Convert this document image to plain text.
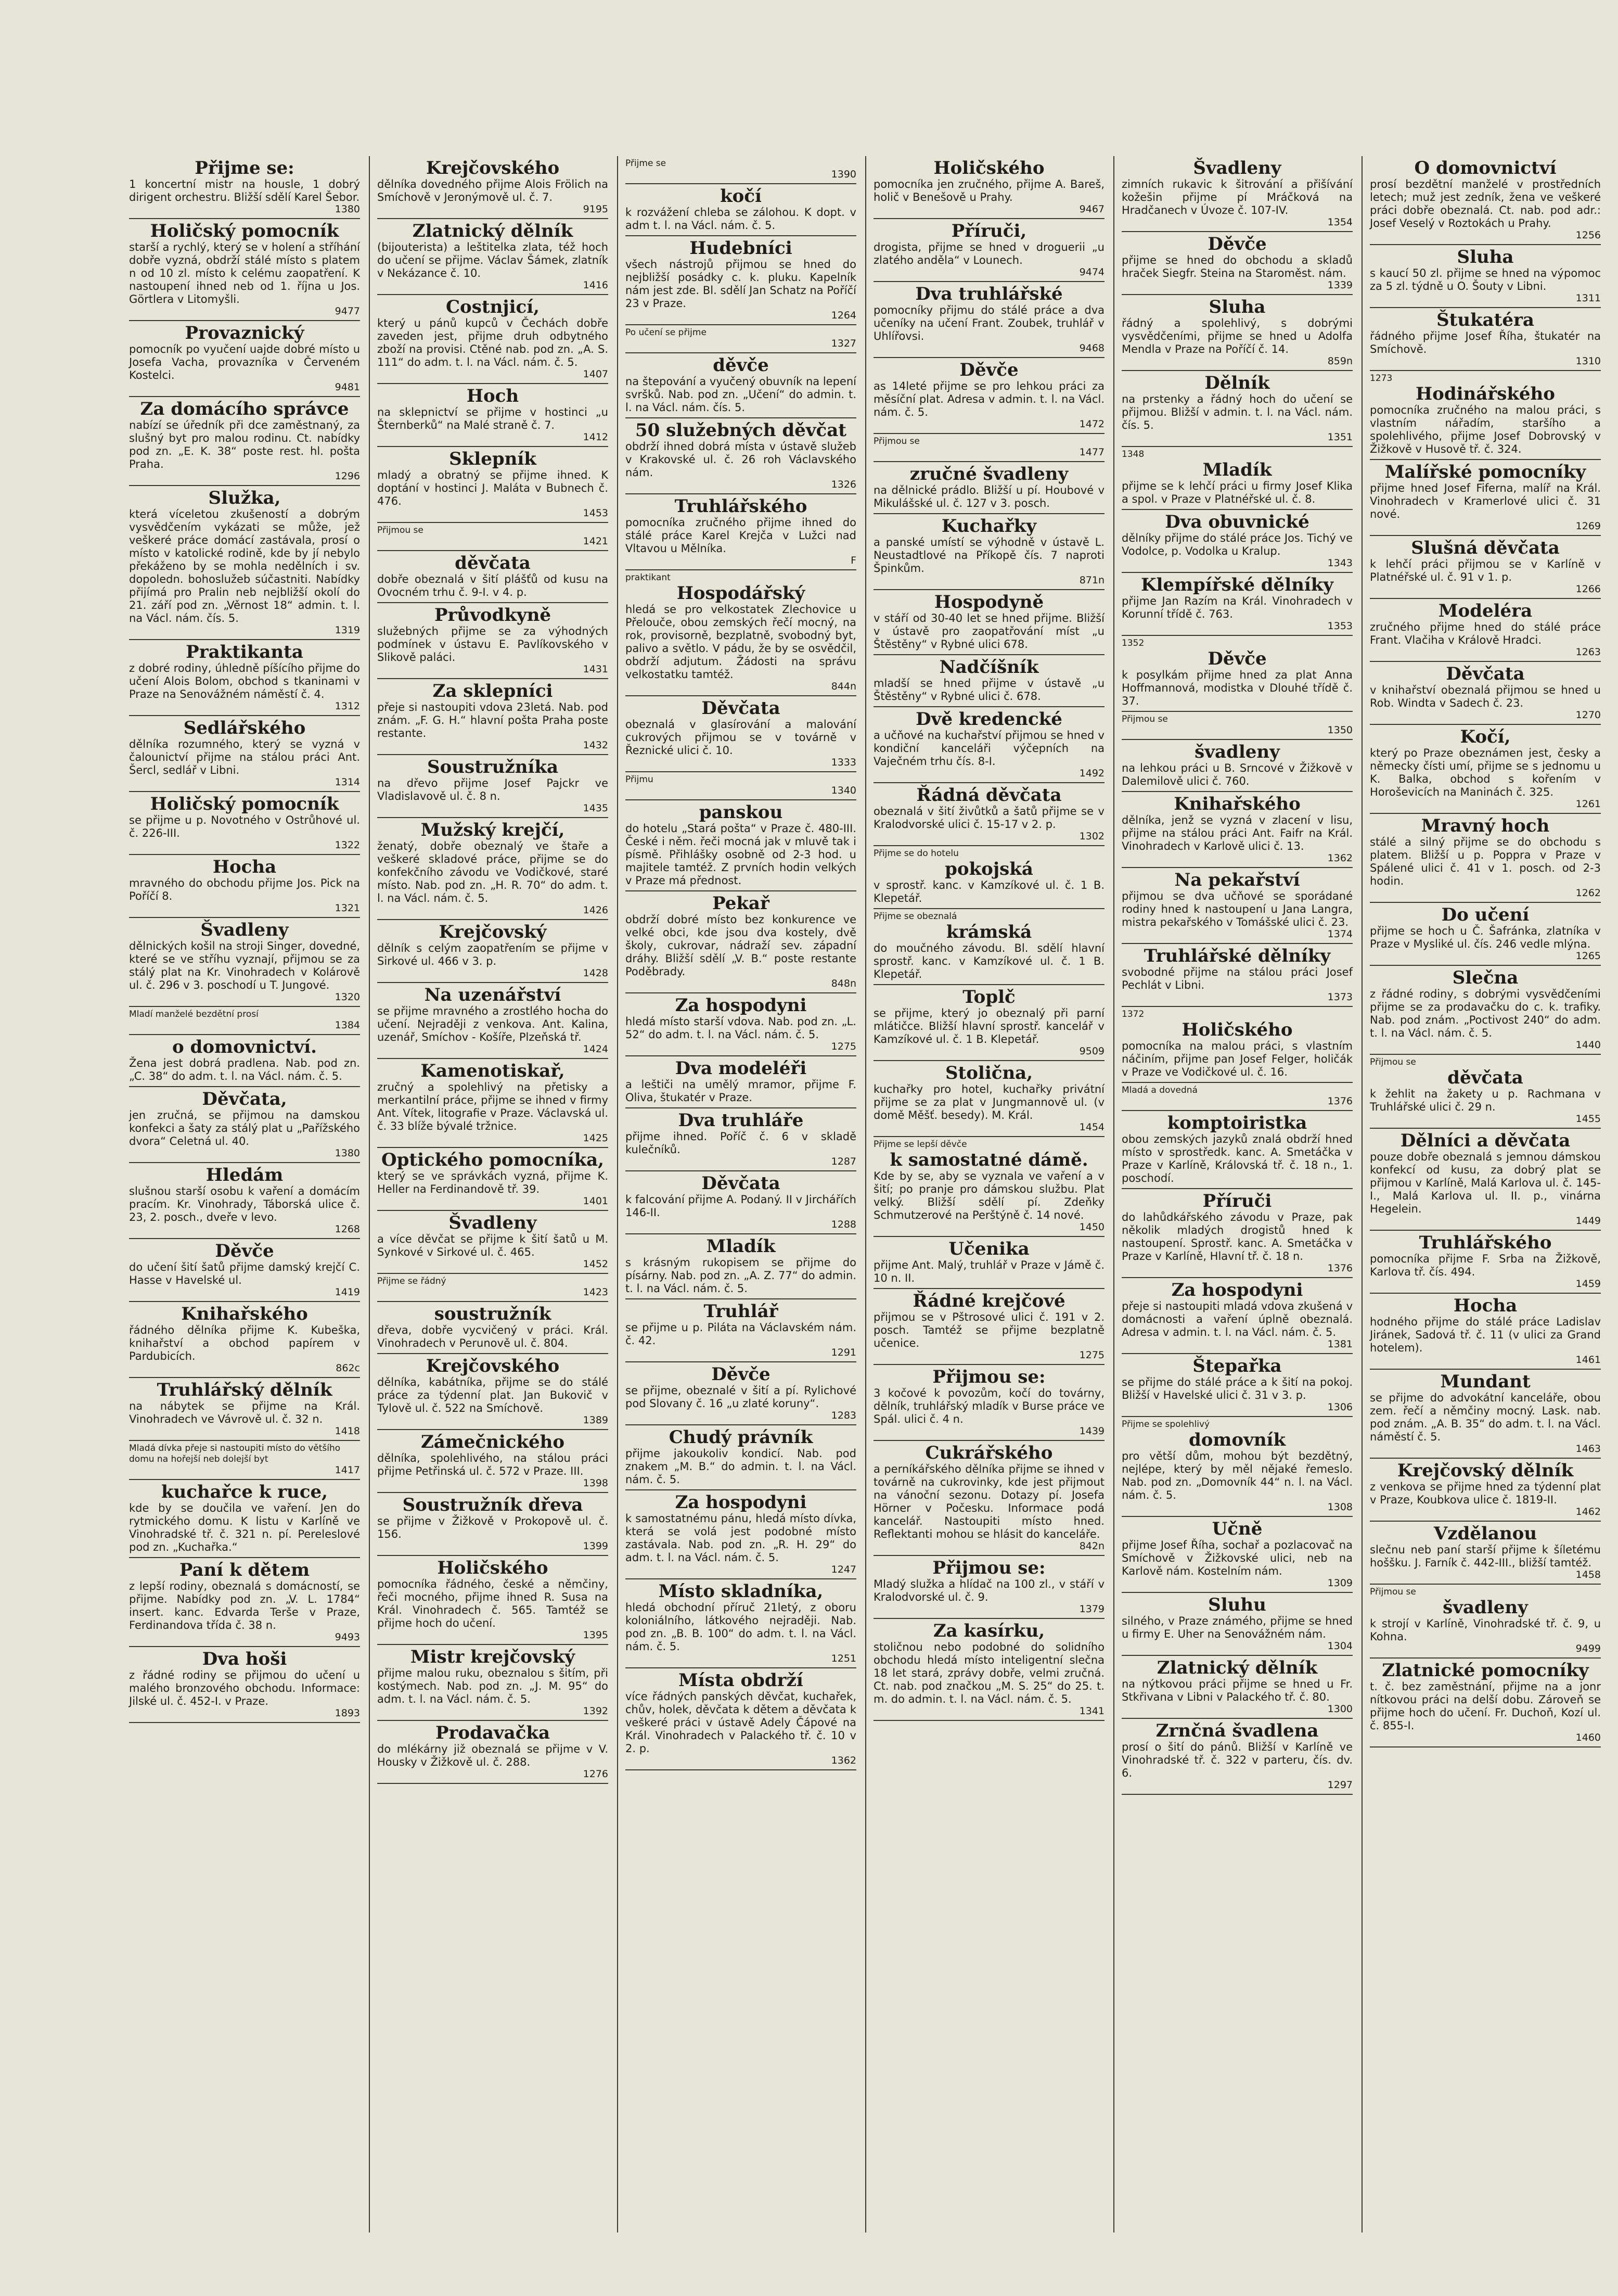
Přijme se:
1 koncertní mistr na housle, 1 dobrý dirigent orchestru. Bližší sdělí Karel Šebor.
1380
Holičský pomocník
starší a rychlý, který se v holení a stříhání dobře vyzná, obdrží stálé místo s platem n od 10 zl. místo k celému zaopatření. K nastoupení ihned neb od 1. října u Jos. Görtlera v Litomyšli.
9477
Provaznický
pomocník po vyučení uajde dobré místo u Josefa Vacha, provazníka v Červeném Kostelci.
9481
Za domácího správce
nabízí se úředník při dce zaměstnaný, za slušný byt pro malou rodinu. Ct. nabídky pod zn. „E. K. 38“ poste rest. hl. pošta Praha.
1296
Služka,
která víceletou zkušeností a dobrým vysvědčením vykázati se může, jež veškeré práce domácí zastávala, prosí o místo v katolické rodině, kde by jí nebylo překáženo by se mohla nedělních i sv. dopoledn. bohoslužeb súčastniti. Nabídky přijímá pro Pralin neb nejbližší okolí do 21. září pod zn. „Věrnost 18“ admin. t. l. na Václ. nám. čís. 5.
1319
Praktikanta
z dobré rodiny, úhledně píšícího přijme do učení Alois Bolom, obchod s tkaninami v Praze na Senovážném náměstí č. 4.
1312
Sedlářského
dělníka rozumného, který se vyzná v čalounictví přijme na stálou práci Ant. Šercl, sedlář v Libni.
1314
Holičský pomocník
se přijme u p. Novotného v Ostrůhové ul. č. 226-III.
1322
Hocha
mravného do obchodu přijme Jos. Pick na Poříčí 8.
1321
Švadleny
dělnických košil na stroji Singer, dovedné, které se ve stříhu vyznají, přijmou se za stálý plat na Kr. Vinohradech v Kolárově ul. č. 296 v 3. poschodí u T. Jungové.
1320
Mladí manželé bezdětní prosí
1384
o domovnictví.
Žena jest dobrá pradlena. Nab. pod zn. „C. 38“ do adm. t. l. na Václ. nám. č. 5.
Děvčata,
jen zručná, se přijmou na damskou konfekci a šaty za stálý plat u „Pařížského dvora“ Celetná ul. 40.
1380
Hledám
slušnou starší osobu k vaření a domácím pracím. Kr. Vinohrady, Táborská ulice č. 23, 2. posch., dveře v levo.
1268
Děvče
do učení šití šatů přijme damský krejčí C. Hasse v Havelské ul.
1419
Knihařského
řádného dělníka přijme K. Kubeška, knihařství a obchod papírem v Pardubicích.
862c
Truhlářský dělník
na nábytek se přijme na Král. Vinohradech ve Vávrově ul. č. 32 n.
1418
Mladá dívka přeje si nastoupiti místo do většího domu na hořejší neb dolejší byt
1417
kuchařce k ruce,
kde by se doučila ve vaření. Jen do rytmického domu. K listu v Karlíně ve Vinohradské tř. č. 321 n. pí. Pereleslové pod zn. „Kuchařka.“
Paní k dětem
z lepší rodiny, obeznalá s domácností, se přijme. Nabídky pod zn. „V. L. 1784“ insert. kanc. Edvarda Terše v Praze, Ferdinandova třída č. 38 n.
9493
Dva hoši
z řádné rodiny se přijmou do učení u malého bronzového obchodu. Informace: Jilské ul. č. 452-I. v Praze.
1893
Krejčovského
dělníka dovedného přijme Alois Frölich na Smíchově v Jeronýmově ul. č. 7.
9195
Zlatnický dělník
(bijouterista) a leštitelka zlata, též hoch do učení se přijme. Václav Šámek, zlatník v Nekázance č. 10.
1416
Costnjicí,
který u pánů kupců v Čechách dobře zaveden jest, přijme druh odbytného zboží na provisi. Ctěné nab. pod zn. „A. S. 111“ do adm. t. l. na Václ. nám. č. 5.
1407
Hoch
na sklepnictví se přijme v hostinci „u Šternberků“ na Malé straně č. 7.
1412
Sklepník
mladý a obratný se přijme ihned. K doptání v hostinci J. Malátа v Bubnech č. 476.
1453
Přijmou se
1421
děvčata
dobře obeznalá v šití plášťů od kusu na Ovocném trhu č. 9-I. v 4. p.
Průvodkyně
služebných přijme se za výhodných podmínek v ústavu E. Pavlíkovského v Slikově paláci.
1431
Za sklepníci
přeje si nastoupiti vdova 23letá. Nab. pod znám. „F. G. H.“ hlavní pošta Praha poste restante.
1432
Soustružníka
na dřevo přijme Josef Pajckr ve Vladislavově ul. č. 8 n.
1435
Mužský krejčí,
ženatý, dobře obeznalý ve štaře a veškeré skladové práce, přijme se do konfekčního závodu ve Vodičkové, staré místo. Nab. pod zn. „H. R. 70“ do adm. t. l. na Václ. nám. č. 5.
1426
Krejčovský
dělník s celým zaopatřením se přijme v Sirkové ul. 466 v 3. p.
1428
Na uzenářství
se přijme mravného a zrostlého hocha do učení. Nejraději z venkova. Ant. Kalina, uzenář, Smíchov - Košíře, Plzeňská tř.
1424
Kamenotiskař,
zručný a spolehlivý na přetisky a merkantilní práce, přijme se ihned v firmy Ant. Vítek, litografie v Praze. Václavská ul. č. 33 blíže bývalé tržnice.
1425
Optického pomocníka,
který se ve správkách vyzná, přijme K. Heller na Ferdinandově tř. 39.
1401
Švadleny
a více děvčat se přijme k šití šatů u M. Synkové v Sirkové ul. č. 465.
1452
Přijme se řádný
1423
soustružník
dřeva, dobře vycvičený v práci. Král. Vinohradech v Perunově ul. č. 804.
Krejčovského
dělníka, kabátníka, přijme se do stálé práce za týdenní plat. Jan Bukovič v Tylově ul. č. 522 na Smíchově.
1389
Zámečnického
dělníka, spolehlivého, na stálou práci přijme Petřinská ul. č. 572 v Praze. III.
1398
Soustružník dřeva
se přijme v Žižkově v Prokopově ul. č. 156.
1399
Holičského
pomocníka řádného, české a němčiny, řeči mocného, přijme ihned R. Susa na Král. Vinohradech č. 565. Tamtéž se přijme hoch do učení.
1395
Mistr krejčovský
přijme malou ruku, obeznalou s šitím, při kostýmech. Nab. pod zn. „J. M. 95“ do adm. t. l. na Václ. nám. č. 5.
1392
Prodavačka
do mlékárny již obeznalá se přijme v V. Housky v Žižkově ul. č. 288.
1276
Přijme se
1390
kočí
k rozvážení chleba se zálohou. K dopt. v adm t. l. na Václ. nám. č. 5.
Hudebníci
všech nástrojů přijmou se hned do nejbližší posádky c. k. pluku. Kapelník nám jest zde. Bl. sdělí Jan Schatz na Poříčí 23 v Praze.
1264
Po učení se přijme
1327
děvče
na štepování a vyučený obuvník na lepení svršků. Nab. pod zn. „Učení“ do admin. t. l. na Václ. nám. čís. 5.
50 služebných děvčat
obdrží ihned dobrá místa v ústavě služeb v Krakovské ul. č. 26 roh Václavského nám.
1326
Truhlářského
pomocníka zručného přijme ihned do stálé práce Karel Krejča v Lužci nad Vltavou u Mělníka.
F
praktikant
Hospodářský
hledá se pro velkostatek Zlechovice u Přelouče, obou zemských řečí mocný, na rok, provisorně, bezplatně, svobodný byt, palivo a světlo. V pádu, že by se osvědčil, obdrží adjutum. Žádosti na správu velkostatku tamtéž.
844n
Děvčata
obeznalá v glasírování a malování cukrových přijmou se v továrně v Řeznické ulici č. 10.
1333
Přijmu
1340
panskou
do hotelu „Stará pošta“ v Praze č. 480-III. České i něm. řeči mocná jak v mluvě tak i písmě. Přihlášky osobně od 2-3 hod. u majitele tamtéž. Z prvních hodin velkých v Praze má přednost.
Pekař
obdrží dobré místo bez konkurence ve velké obci, kde jsou dva kostely, dvě školy, cukrovar, nádraží sev. západní dráhy. Bližší sdělí „V. B.“ poste restante Poděbrady.
848n
Za hospodyni
hledá místo starší vdova. Nab. pod zn. „L. 52“ do adm. t. l. na Václ. nám. č. 5.
1275
Dva modeléři
a leštiči na umělý mramor, přijme F. Oliva, štukatér v Praze.
Dva truhláře
přijme ihned. Poříč č. 6 v skladě kulečníků.
1287
Děvčata
k falcování přijme A. Podaný. II v Jirchářích 146-II.
1288
Mladík
s krásným rukopisem se přijme do písárny. Nab. pod zn. „A. Z. 77“ do admin. t. l. na Václ. nám. č. 5.
Truhlář
se přijme u p. Piláta na Václavském nám. č. 42.
1291
Děvče
se přijme, obeznalé v šití a pí. Rylichové pod Slovany č. 16 „u zlaté koruny“.
1283
Chudý právník
přijme jakoukoliv kondicí. Nab. pod znakem „M. B.“ do admin. t. l. na Václ. nám. č. 5.
Za hospodyni
k samostatnému pánu, hledá místo dívka, která se volá jest podobné místo zastávala. Nab. pod zn. „R. H. 29“ do adm. t. l. na Václ. nám. č. 5.
1247
Místo skladníka,
hledá obchodní příruč 21letý, z oboru koloniálního, látkového nejraději. Nab. pod zn. „B. B. 100“ do adm. t. l. na Václ. nám. č. 5.
1251
Místa obdrží
více řádných panských děvčat, kuchařek, chův, holek, děvčata k dětem a děvčata k veškeré práci v ústavě Adely Čápové na Král. Vinohradech v Palackého tř. č. 10 v 2. p.
1362
Holičského
pomocníka jen zručného, přijme A. Bareš, holič v Benešově u Prahy.
9467
Příruči,
drogista, přijme se hned v droguerii „u zlatého anděla“ v Lounech.
9474
Dva truhlářské
pomocníky přijmu do stálé práce a dva učeníky na učení Frant. Zoubek, truhlář v Uhlířovsi.
9468
Děvče
as 14leté přijme se pro lehkou práci za měsíční plat. Adresa v admin. t. l. na Václ. nám. č. 5.
1472
Přijmou se
1477
zručné švadleny
na dělnické prádlo. Bližší u pí. Houbové v Mikulášské ul. č. 127 v 3. posch.
Kuchařky
a panské umístí se výhodně v ústavě L. Neustadtlové na Příkopě čís. 7 naproti Špinkům.
871n
Hospodyně
v stáří od 30-40 let se hned přijme. Bližší v ústavě pro zaopatřování míst „u Štěstěny“ v Rybné ulici 678.
Nadčíšník
mladší se hned přijme v ústavě „u Štěstěny“ v Rybné ulici č. 678.
Dvě kredencké
a učňové na kuchařství přijmou se hned v kondiční kanceláři výčepních na Vaječném trhu čís. 8-I.
1492
Řádná děvčata
obeznalá v šití živůtků a šatů přijme se v Kralodvorské ulici č. 15-17 v 2. p.
1302
Přijme se do hotelu
pokojská
v sprostř. kanc. v Kamzíkové ul. č. 1 B. Klepetář.
Přijme se obeznalá
krámská
do moučného závodu. Bl. sdělí hlavní sprostř. kanc. v Kamzíkové ul. č. 1 B. Klepetář.
Toplč
se přijme, který jo obeznalý při parní mlátičce. Bližší hlavní sprostř. kancelář v Kamzíkové ul. č. 1 B. Klepetář.
9509
Stolična,
kuchařky pro hotel, kuchařky privátní přijme se za plat v Jungmannově ul. (v domě Měšť. besedy). M. Král.
1454
Přijme se lepší děvče
k samostatné dámě.
Kde by se, aby se vyznala ve vaření a v šití; po pranje pro dámskou službu. Plat velký. Bližší sdělí pí. Zdeňky Schmutzerové na Perštýně č. 14 nové.
1450
Učenika
přijme Ant. Malý, truhlář v Praze v Jámě č. 10 n. II.
Řádné krejčové
přijmou se v Pštrosové ulici č. 191 v 2. posch. Tamtéž se přijme bezplatně učenice.
1275
Přijmou se:
3 kočové k povozům, kočí do továrny, dělník, truhlářský mladík v Burse práce ve Spál. ulici č. 4 n.
1439
Cukrářského
a perníkářského dělníka přijme se ihned v továrně na cukrovinky, kde jest přijmout na vánoční sezonu. Dotazy pí. Josefa Hörner v Počesku. Informace podá kancelář. Nastoupiti místo hned. Reflektanti mohou se hlásit do kanceláře.
842n
Přijmou se:
Mladý služka a hlídač na 100 zl., v stáří v Kralodvorské ul. č. 9.
1379
Za kasírku,
stoličnou nebo podobné do solidního obchodu hledá místo inteligentní slečna 18 let stará, zprávy dobře, velmi zručná. Ct. nab. pod značkou „M. S. 25“ do 25. t. m. do admin. t. l. na Václ. nám. č. 5.
1341
Švadleny
zimních rukavic k šitrování a přišívání kožešin přijme pí Mráčková na Hradčanech v Úvoze č. 107-IV.
1354
Děvče
přijme se hned do obchodu a skladů hraček Siegfr. Steina na Staroměst. nám.
1339
Sluha
řádný a spolehlivý, s dobrými vysvědčeními, přijme se hned u Adolfa Mendla v Praze na Poříčí č. 14.
859n
Dělník
na prstenky a řádný hoch do učení se přijmou. Bližší v admin. t. l. na Václ. nám. čís. 5.
1351
1348
Mladík
přijme se k lehčí práci u firmy Josef Klika a spol. v Praze v Platnéřské ul. č. 8.
Dva obuvnické
dělníky přijme do stálé práce Jos. Tichý ve Vodolce, p. Vodolka u Kralup.
1343
Klempířské dělníky
přijme Jan Razím na Král. Vinohradech v Korunní třídě č. 763.
1353
1352
Děvče
k posylkám přijme hned za plat Anna Hoffmannová, modistka v Dlouhé třídě č. 37.
Přijmou se
1350
švadleny
na lehkou práci u B. Srncové v Žižkově v Dalemilově ulici č. 760.
Knihařského
dělníka, jenž se vyzná v zlacení v lisu, přijme na stálou práci Ant. Faifr na Král. Vinohradech v Karlově ulici č. 13.
1362
Na pekařství
přijmou se dva učňové se sporádané rodiny hned k nastoupení u Jana Langra, mistra pekařského v Tomášské ulici č. 23.
1374
Truhlářské dělníky
svobodné přijme na stálou práci Josef Pechlát v Libni.
1373
1372
Holičského
pomocníka na malou práci, s vlastním náčiním, přijme pan Josef Felger, holičák v Praze ve Vodičkové ul. č. 16.
Mladá a dovedná
1376
komptoiristka
obou zemských jazyků znalá obdrží hned místo v sprostředk. kanc. A. Smetáčka v Praze v Karlíně, Královská tř. č. 18 n., 1. poschodí.
Příruči
do lahůdkářského závodu v Praze, pak několik mladých drogistů hned k nastoupení. Sprostř. kanc. A. Smetáčka v Praze v Karlíně, Hlavní tř. č. 18 n.
1376
Za hospodyni
přeje si nastoupiti mladá vdova zkušená v domácnosti a vaření úplně obeznalá. Adresa v admin. t. l. na Václ. nám. č. 5.
1381
Štepařka
se přijme do stálé práce a k šití na pokoj. Bližší v Havelské ulici č. 31 v 3. p.
1306
Přijme se spolehlivý
domovník
pro větší dům, mohou být bezdětný, nejlépe, který by měl nějaké řemeslo. Nab. pod zn. „Domovník 44“ n. l. na Václ. nám. č. 5.
1308
Učně
přijme Josef Říha, sochař a pozlacovač na Smíchově v Žižkovské ulici, neb na Karlově nám. Kostelním nám.
1309
Sluhu
silného, v Praze známého, přijme se hned u firmy E. Uher na Senovážném nám.
1304
Zlatnický dělník
na nýtkovou práci přijme se hned u Fr. Stkřivana v Libni v Palackého tř. č. 80.
1300
Zrnčná švadlena
prosí o šití do pánů. Bližší v Karlíně ve Vinohradské tř. č. 322 v parteru, čís. dv. 6.
1297
O domovnictví
prosí bezdětní manželé v prostředních letech; muž jest zedník, žena ve veškeré práci dobře obeznalá. Ct. nab. pod adr.: Josef Veselý v Roztokách u Prahy.
1256
Sluha
s kaucí 50 zl. přijme se hned na výpomoc za 5 zl. týdně u O. Šouty v Libni.
1311
Štukatéra
řádného přijme Josef Říha, štukatér na Smíchově.
1310
1273
Hodinářského
pomocníka zručného na malou práci, s vlastním nářadím, staršího a spolehlivého, přijme Josef Dobrovský v Žižkově v Husově tř. č. 324.
Malířské pomocníky
přijme hned Josef Fiferna, malíř na Král. Vinohradech v Kramerlové ulici č. 31 nové.
1269
Slušná děvčata
k lehčí práci přijmou se v Karlíně v Platnéřské ul. č. 91 v 1. p.
1266
Modeléra
zručného přijme hned do stálé práce Frant. Vlačiha v Králově Hradci.
1263
Děvčata
v knihařství obeznalá přijmou se hned u Rob. Windta v Sadech č. 23.
1270
Kočí,
který po Praze obeznámen jest, česky a německy čísti umí, přijme se s jednomu u K. Balka, obchod s kořením v Horoševicích na Maninách č. 325.
1261
Mravný hoch
stálé a silný přijme se do obchodu s platem. Bližší u p. Poppra v Praze v Spálené ulici č. 41 v 1. posch. od 2-3 hodin.
1262
Do učení
přijme se hoch u Č. Šafránka, zlatníka v Praze v Mysliké ul. čís. 246 vedle mlýna.
1265
Slečna
z řádné rodiny, s dobrými vysvědčeními přijme se za prodavačku do c. k. trafiky. Nab. pod znám. „Poctivost 240“ do adm. t. l. na Václ. nám. č. 5.
1440
Přijmou se
děvčata
k žehlit na žakety u p. Rachmana v Truhlářské ulici č. 29 n.
1455
Dělníci a děvčata
pouze dobře obeznalá s jemnou dámskou konfekcí od kusu, za dobrý plat se přijmou v Karlíně, Malá Karlova ul. č. 145-I., Malá Karlova ul. II. p., vinárna Hegelein.
1449
Truhlářského
pomocníka přijme F. Srba na Žižkově, Karlova tř. čís. 494.
1459
Hocha
hodného přijme do stálé práce Ladislav Jiránek, Sadová tř. č. 11 (v ulici za Grand hotelem).
1461
Mundant
se přijme do advokátní kanceláře, obou zem. řečí a němčiny mocný. Lask. nab. pod znám. „A. B. 35“ do adm. t. l. na Václ. náměstí č. 5.
1463
Krejčovský dělník
z venkova se přijme hned za týdenní plat v Praze, Koubkova ulice č. 1819-II.
1462
Vzdělanou
slečnu neb paní starší přijme k šíletému hoššku. J. Farník č. 442-III., bližší tamtéž.
1458
Přijmou se
švadleny
k strojí v Karlíně, Vinohradské tř. č. 9, u Kohna.
9499
Zlatnické pomocníky
t. č. bez zaměstnání, přijme na a jonr nítkovou práci na delší dobu. Zároveň se přijme hoch do učení. Fr. Duchoň, Kozí ul. č. 855-I.
1460
